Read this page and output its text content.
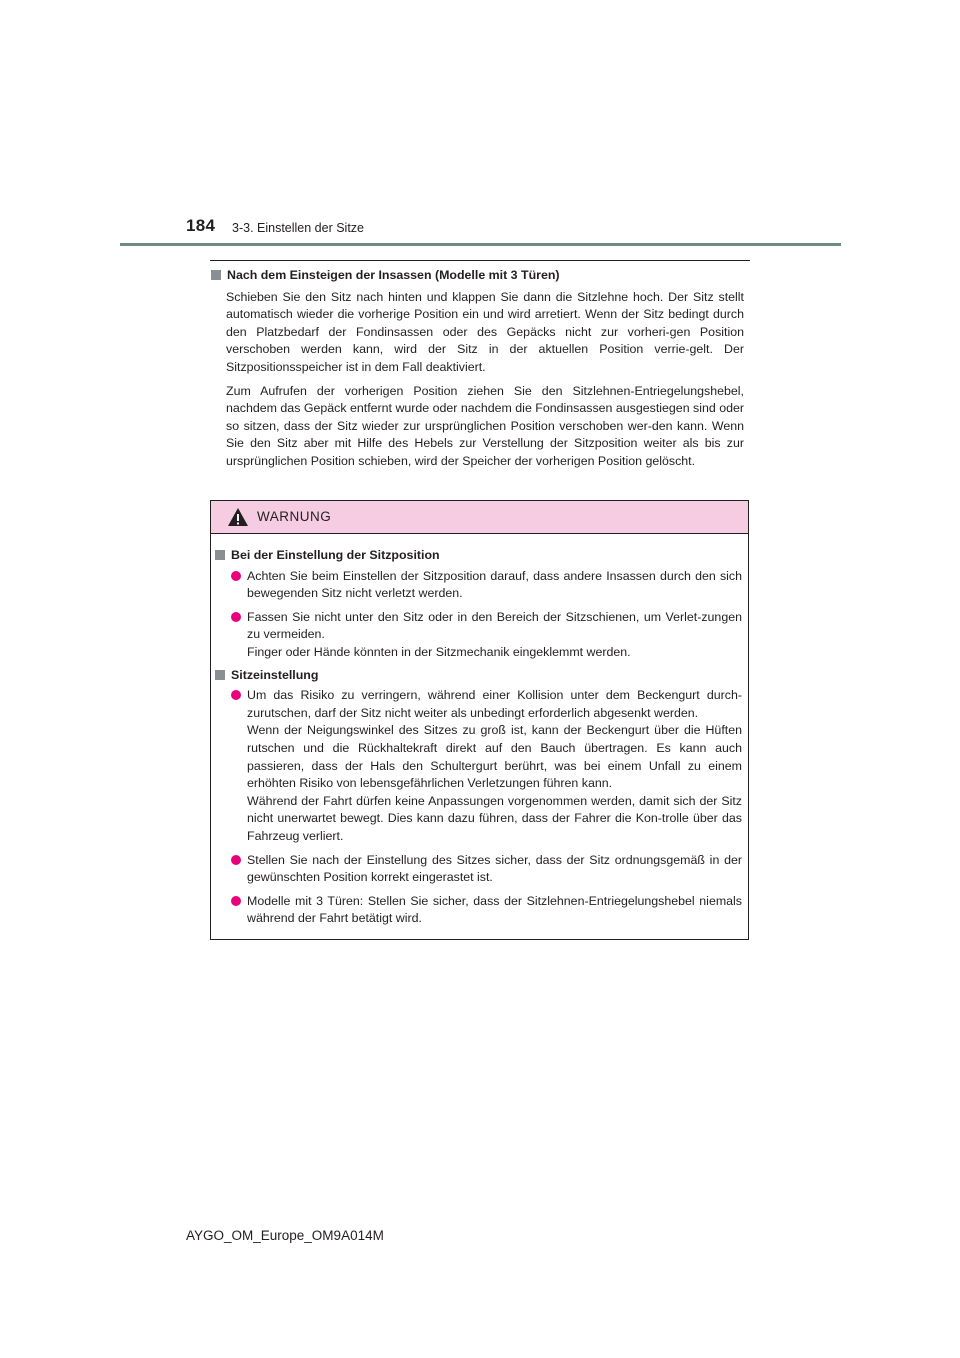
184 3-3. Einstellen der Sitze
Nach dem Einsteigen der Insassen (Modelle mit 3 Türen)

Schieben Sie den Sitz nach hinten und klappen Sie dann die Sitzlehne hoch. Der Sitz stellt automatisch wieder die vorherige Position ein und wird arretiert. Wenn der Sitz bedingt durch den Platzbedarf der Fondinsassen oder des Gepäcks nicht zur vorheri-gen Position verschoben werden kann, wird der Sitz in der aktuellen Position verrie-gelt. Der Sitzpositionsspeicher ist in dem Fall deaktiviert.

Zum Aufrufen der vorherigen Position ziehen Sie den Sitzlehnen-Entriegelungshebel, nachdem das Gepäck entfernt wurde oder nachdem die Fondinsassen ausgestiegen sind oder so sitzen, dass der Sitz wieder zur ursprünglichen Position verschoben wer-den kann. Wenn Sie den Sitz aber mit Hilfe des Hebels zur Verstellung der Sitzposition weiter als bis zur ursprünglichen Position schieben, wird der Speicher der vorherigen Position gelöscht.

WARNUNG
Bei der Einstellung der Sitzposition
Achten Sie beim Einstellen der Sitzposition darauf, dass andere Insassen durch den sich bewegenden Sitz nicht verletzt werden.
Fassen Sie nicht unter den Sitz oder in den Bereich der Sitzschienen, um Verlet-zungen zu vermeiden.
Finger oder Hände könnten in der Sitzmechanik eingeklemmt werden.
Sitzeinstellung
Um das Risiko zu verringern, während einer Kollision unter dem Beckengurt durch-zurutschen, darf der Sitz nicht weiter als unbedingt erforderlich abgesenkt werden.
Wenn der Neigungswinkel des Sitzes zu groß ist, kann der Beckengurt über die Hüften rutschen und die Rückhaltekraft direkt auf den Bauch übertragen. Es kann auch passieren, dass der Hals den Schultergurt berührt, was bei einem Unfall zu einem erhöhten Risiko von lebensgefährlichen Verletzungen führen kann.
Während der Fahrt dürfen keine Anpassungen vorgenommen werden, damit sich der Sitz nicht unerwartet bewegt. Dies kann dazu führen, dass der Fahrer die Kon-trolle über das Fahrzeug verliert.
Stellen Sie nach der Einstellung des Sitzes sicher, dass der Sitz ordnungsgemäß in der gewünschten Position korrekt eingerastet ist.
Modelle mit 3 Türen: Stellen Sie sicher, dass der Sitzlehnen-Entriegelungshebel niemals während der Fahrt betätigt wird.
AYGO_OM_Europe_OM9A014M
